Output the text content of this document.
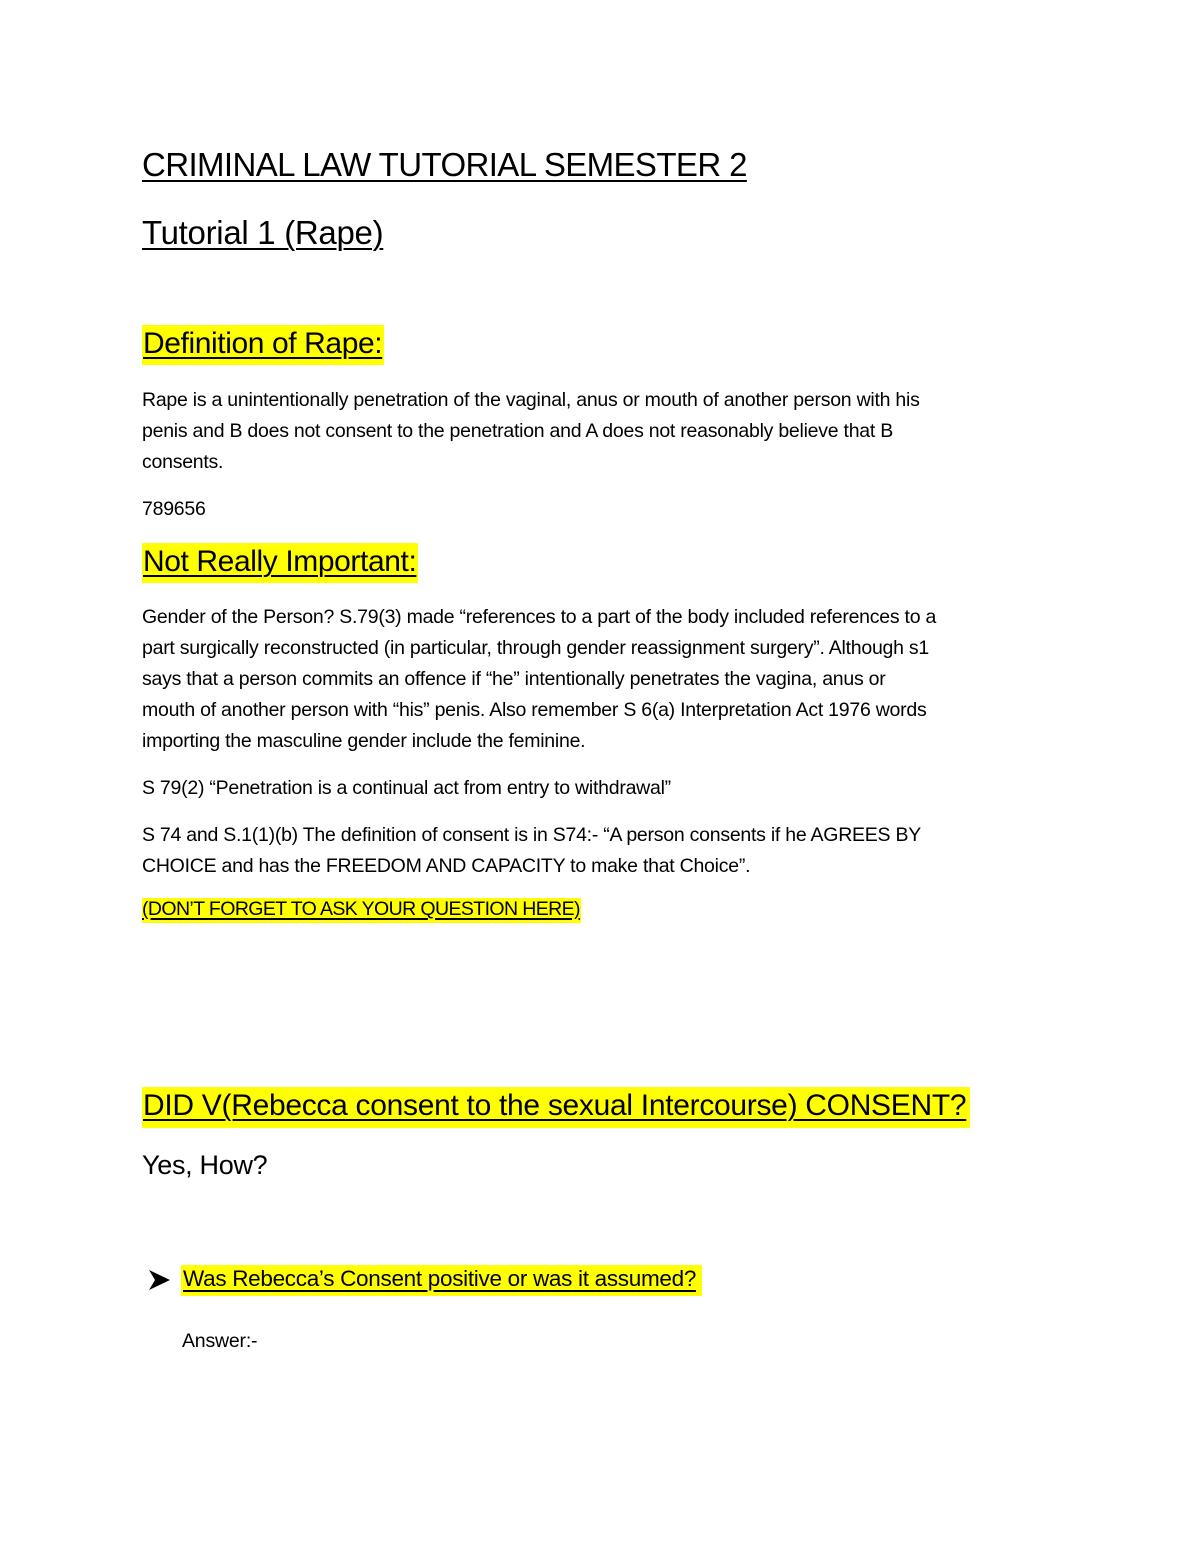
CRIMINAL LAW TUTORIAL SEMESTER 2
Tutorial 1 (Rape)
Definition of Rape:

Rape is a unintentionally penetration of the vaginal, anus or mouth of another person with his
penis and B does not consent to the penetration and A does not reasonably believe that B
consents.

789656

Not Really Important:

Gender of the Person? S.79(3) made “references to a part of the body included references to a
part surgically reconstructed (in particular, through gender reassignment surgery”. Although s1
says that a person commits an offence if “he” intentionally penetrates the vagina, anus or
mouth of another person with “his” penis. Also remember S 6(a) Interpretation Act 1976 words
importing the masculine gender include the feminine.

S 79(2) “Penetration is a continual act from entry to withdrawal”

S 74 and S.1(1)(b) The definition of consent is in S74:- “A person consents if he AGREES BY
CHOICE and has the FREEDOM AND CAPACITY to make that Choice”.

(DON’T FORGET TO ASK YOUR QUESTION HERE)
DID V(Rebecca consent to the sexual Intercourse) CONSENT?
Yes, How?
Was Rebecca’s Consent positive or was it assumed?
Answer:-
